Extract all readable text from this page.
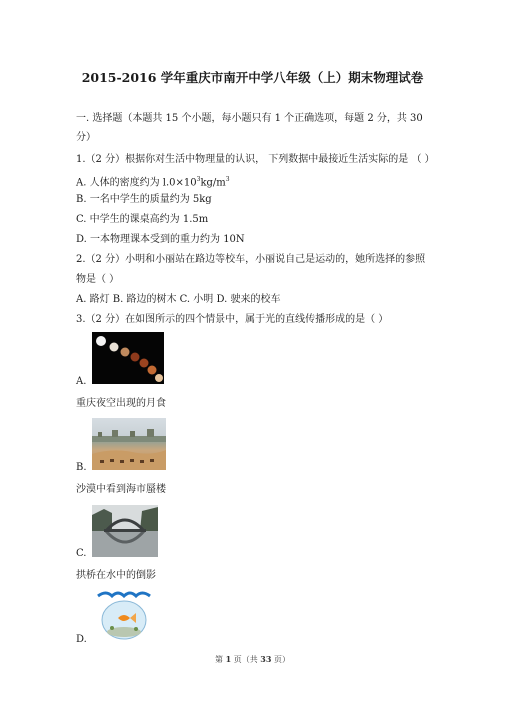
2015-2016 学年重庆市南开中学八年级（上）期末物理试卷
一. 选择题（本题共 15 个小题，每小题只有 1 个正确选项，每题 2 分，共 30
分）
1.（2 分）根据你对生活中物理量的认识， 下列数据中最接近生活实际的是 （ ）
A. 人体的密度约为 $l.0\times 10^3kg/m^3$
B. 一名中学生的质量约为 5kg
C. 中学生的课桌高约为 1.5m
D. 一本物理课本受到的重力约为 10N
2.（2 分）小明和小丽站在路边等校车，小丽说自己是运动的，她所选择的参照
物是（ ）
A. 路灯 B. 路边的树木 C. 小明 D. 驶来的校车
3.（2 分）在如图所示的四个情景中，属于光的直线传播形成的是（ ）
A.
重庆夜空出现的月食
B.
沙漠中看到海市蜃楼
C.
拱桥在水中的倒影
D.
第 1 页（共 33 页）
